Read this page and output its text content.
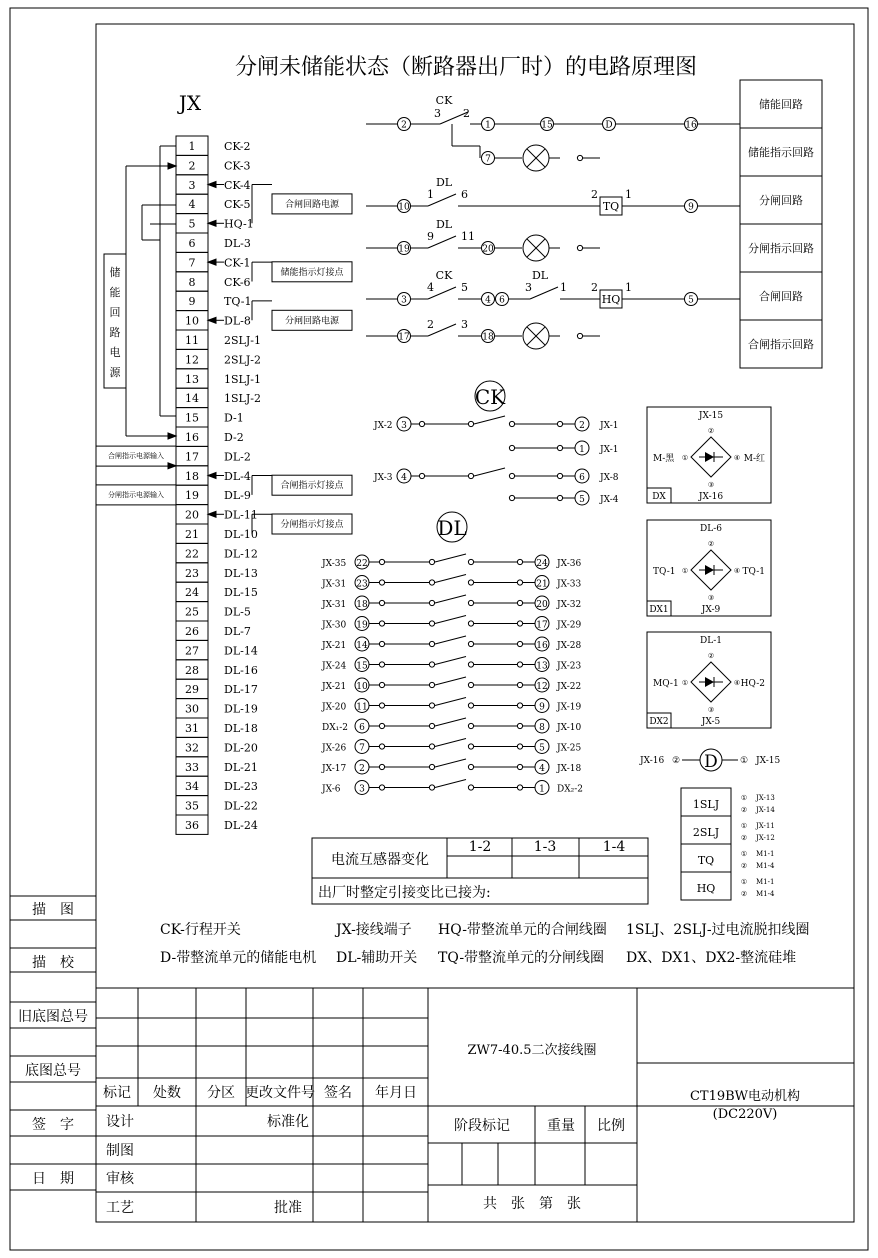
分闸未储能状态（断路器出厂时）的电路原理图
JX
1	CK-2
2	CK-3
3	CK-4
4	CK-5
5	HQ-1
6	DL-3
7	CK-1
8	CK-6
9	TQ-1
10 DL-8
11 2SLJ-1
12 2SLJ-2
13 1SLJ-1
14 1SLJ-2
15 D-1
16 D-2
17 DL-2
18 DL-4
19 DL-9
20 DL-11
21 DL-10
22 DL-12
23 DL-13
24 DL-15
25 DL-5
26 DL-7
27 DL-14
28 DL-16
29 DL-17
30 DL-19
31 DL-18
32 DL-20
33 DL-21
34 DL-23
35 DL-22
36 DL-24
储
能
回
路
电
源
合闸回路电源
储能指示灯接点
分闸回路电源
合闸指示灯接点
分闸指示灯接点
合闸指示电源输入
分闸指示电源输入
储能回路
储能指示回路
分闸回路
分闸指示回路
合闸回路
合闸指示回路
2
3 2
CK
1	15	D	16
7
10
1 6
DL
TQ
2 1
9
19
9 11
DL
20
3
4 5
CK
4 6
3	1
DL
HQ
2 1
5
17
2 3
18
CK
JX-2 3	2 JX-1
1 JX-1
JX-3 4	6 JX-8
5 JX-4
DL
JX-35 22	24 JX-36
JX-31 23	21 JX-33
JX-31 18	20 JX-32
JX-30 19	17 JX-29
JX-21 14	16 JX-28
JX-24 15	13 JX-23
JX-21 10	12 JX-22
JX-20 11	9 JX-19
DX₁-2 6	8 JX-10
JX-26 7	5 JX-25
JX-17 2	4 JX-18
JX-6 3	1 DX₂-2
DX
JX-15
JX-16
M-黑	M-红
②
③
①	④
DX1
DL-6
JX-9
TQ-1	TQ-1
②
③
①	④
DX2
DL-1
JX-5
MQ-1	HQ-2
②
③
①	④
JX-16 ② D ① JX-15
1SLJ	① JX-13
② JX-14
2SLJ	① JX-11
② JX-12
TQ	① M1-1
② M1-4
HQ	① M1-1
② M1-4
电流互感器变化
1-2	1-3	1-4
出厂时整定引接变比已接为:
CK-行程开关	JX-接线端子 HQ-带整流单元的合闸线圈 1SLJ、2SLJ-过电流脱扣线圈
D-带整流单元的储能电机 DL-辅助开关 TQ-带整流单元的分闸线圈 DX、DX1、DX2-整流硅堆
描　图
描　校
旧底图总号
底图总号
签　字
日　期
标记 处数 分区 更改文件号 签名 年月日
设计
制图
审核
工艺
标准化
批准
ZW7-40.5二次接线圈
阶段标记	重量 比例
CT19BW电动机构
(DC220V)
共　张　第　张
